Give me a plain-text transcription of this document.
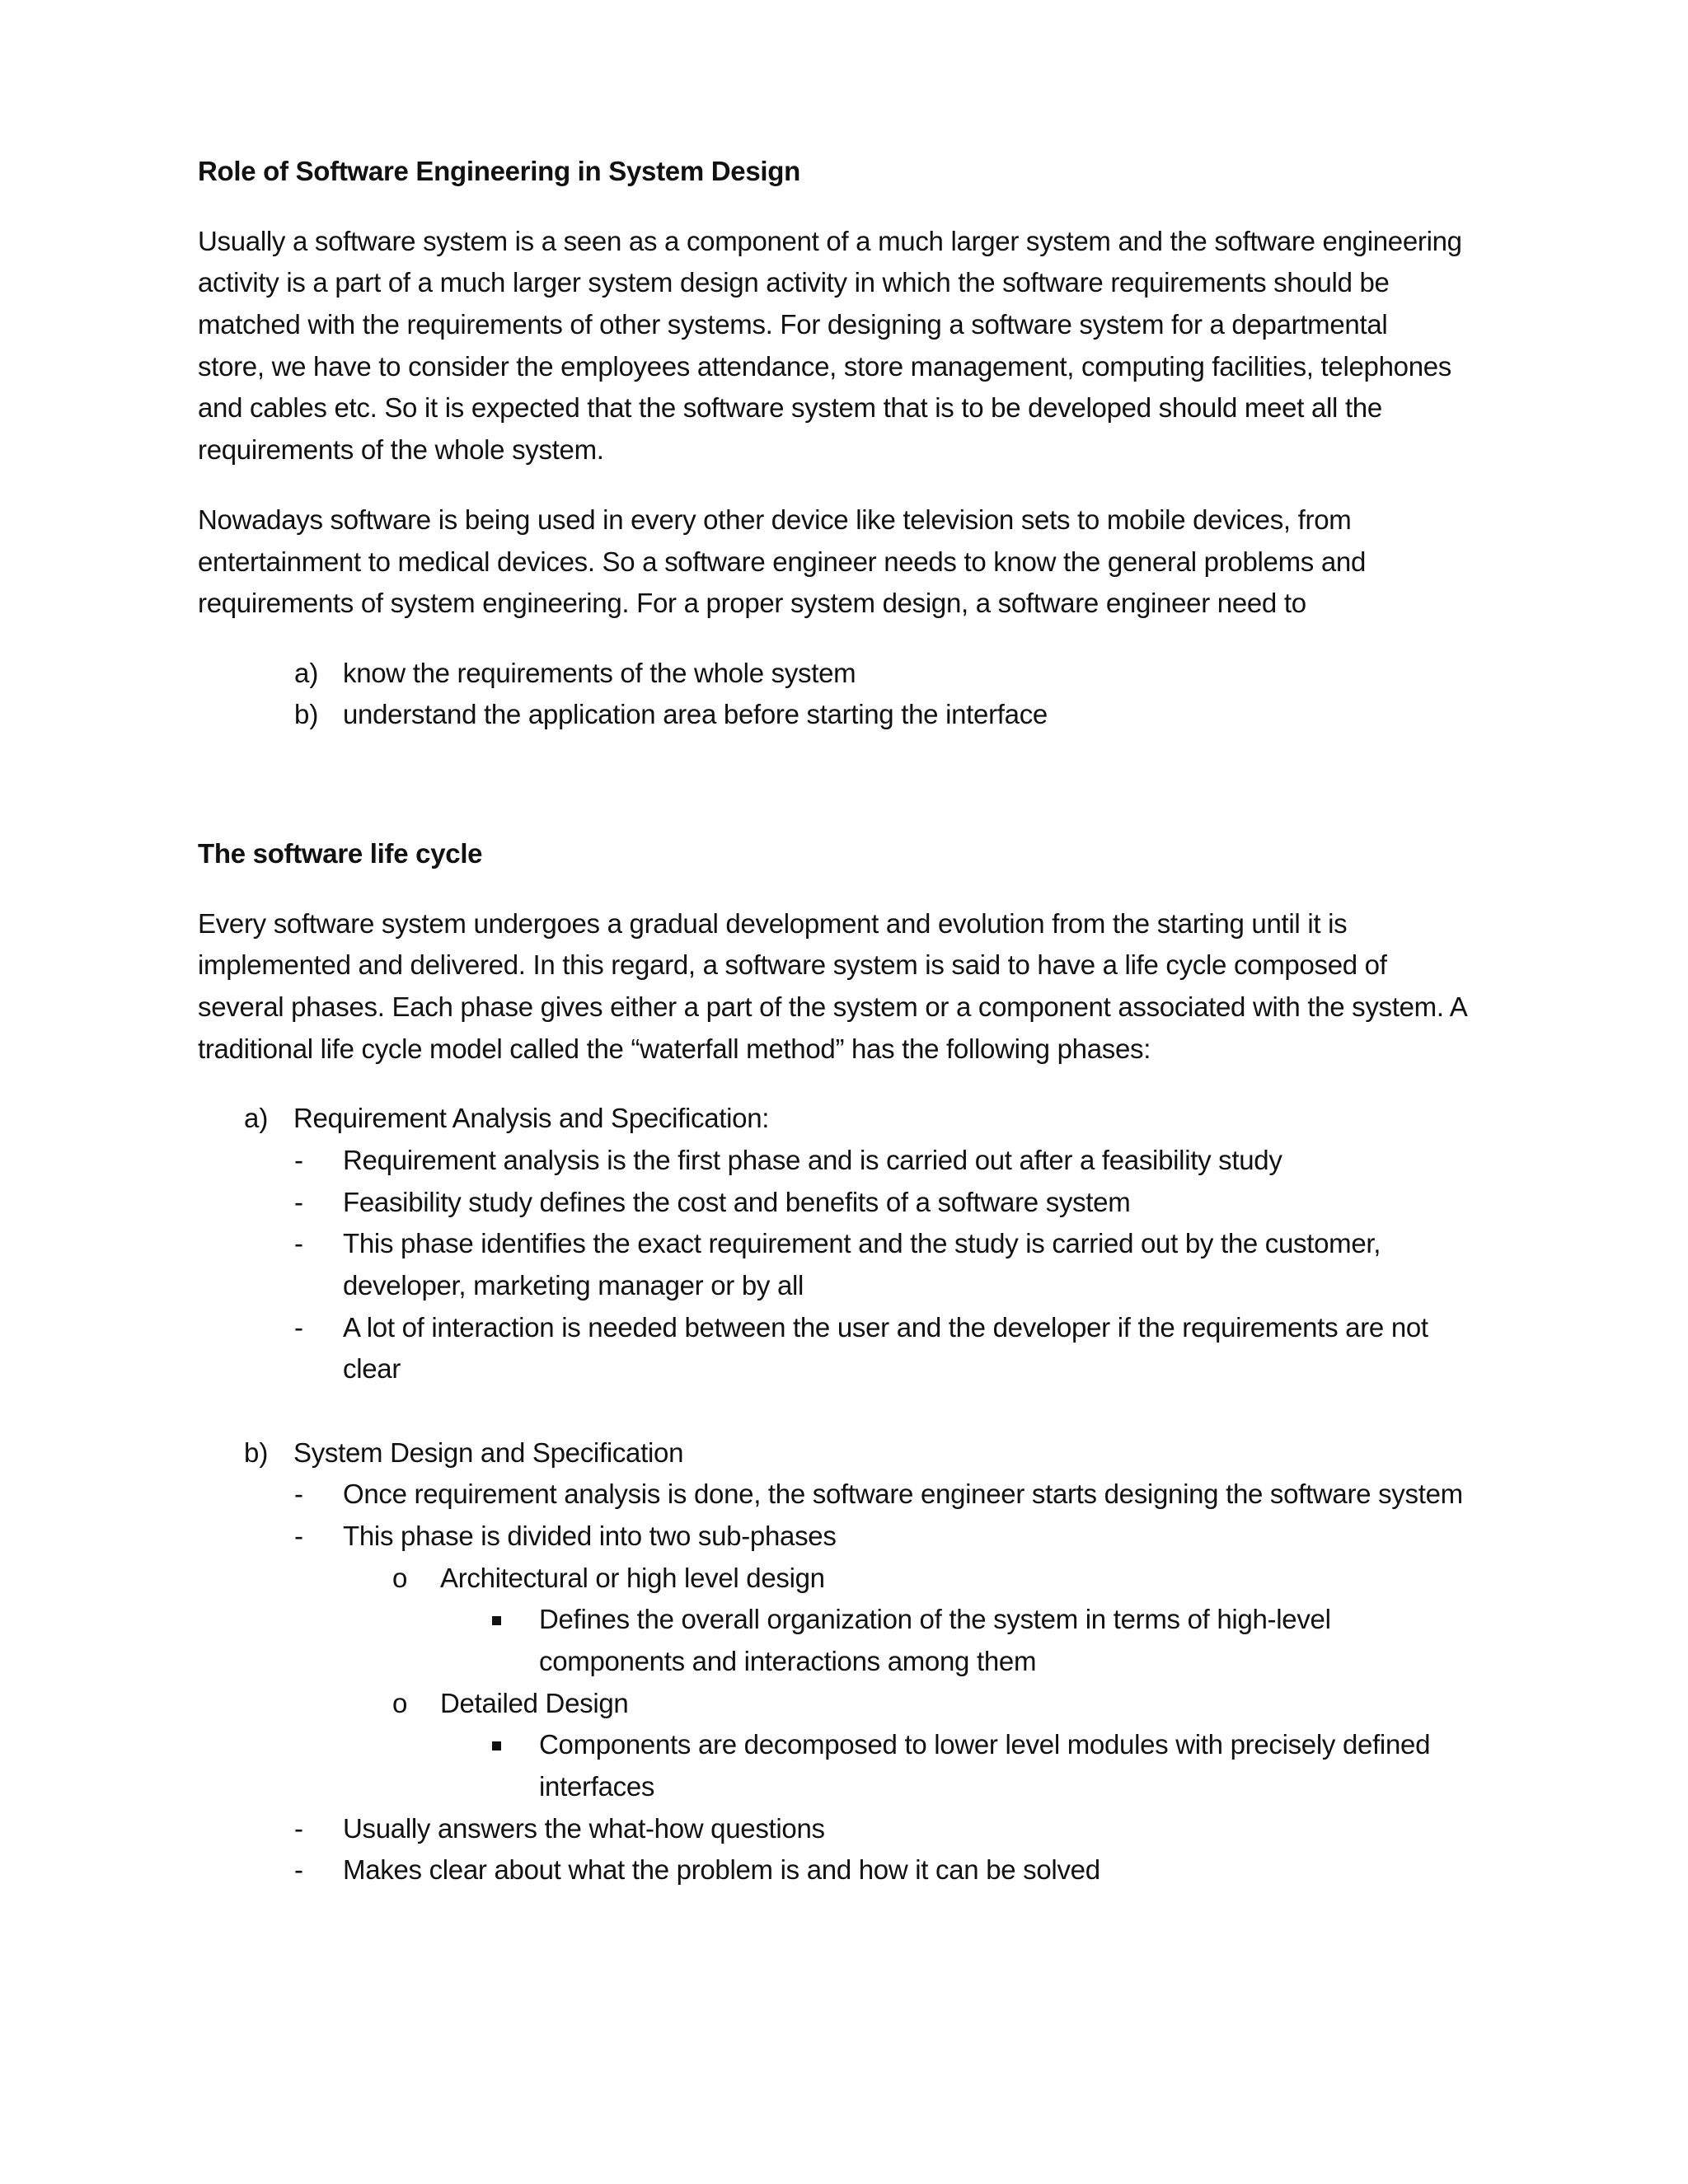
Role of Software Engineering in System Design
Usually a software system is a seen as a component of a much larger system and the software engineering
activity is a part of a much larger system design activity in which the software requirements should be
matched with the requirements of other systems. For designing a software system for a departmental
store, we have to consider the employees attendance, store management, computing facilities, telephones
and cables etc. So it is expected that the software system that is to be developed should meet all the
requirements of the whole system.
Nowadays software is being used in every other device like television sets to mobile devices, from
entertainment to medical devices. So a software engineer needs to know the general problems and
requirements of system engineering. For a proper system design, a software engineer need to
a) know the requirements of the whole system
b) understand the application area before starting the interface
The software life cycle
Every software system undergoes a gradual development and evolution from the starting until it is
implemented and delivered. In this regard, a software system is said to have a life cycle composed of
several phases. Each phase gives either a part of the system or a component associated with the system. A
traditional life cycle model called the “waterfall method” has the following phases:
a) Requirement Analysis and Specification:
- Requirement analysis is the first phase and is carried out after a feasibility study
- Feasibility study defines the cost and benefits of a software system
- This phase identifies the exact requirement and the study is carried out by the customer,
developer, marketing manager or by all
- A lot of interaction is needed between the user and the developer if the requirements are not
clear
b) System Design and Specification
- Once requirement analysis is done, the software engineer starts designing the software system
- This phase is divided into two sub-phases
o Architectural or high level design
Defines the overall organization of the system in terms of high-level
components and interactions among them
o Detailed Design
Components are decomposed to lower level modules with precisely defined
interfaces
- Usually answers the what-how questions
- Makes clear about what the problem is and how it can be solved
